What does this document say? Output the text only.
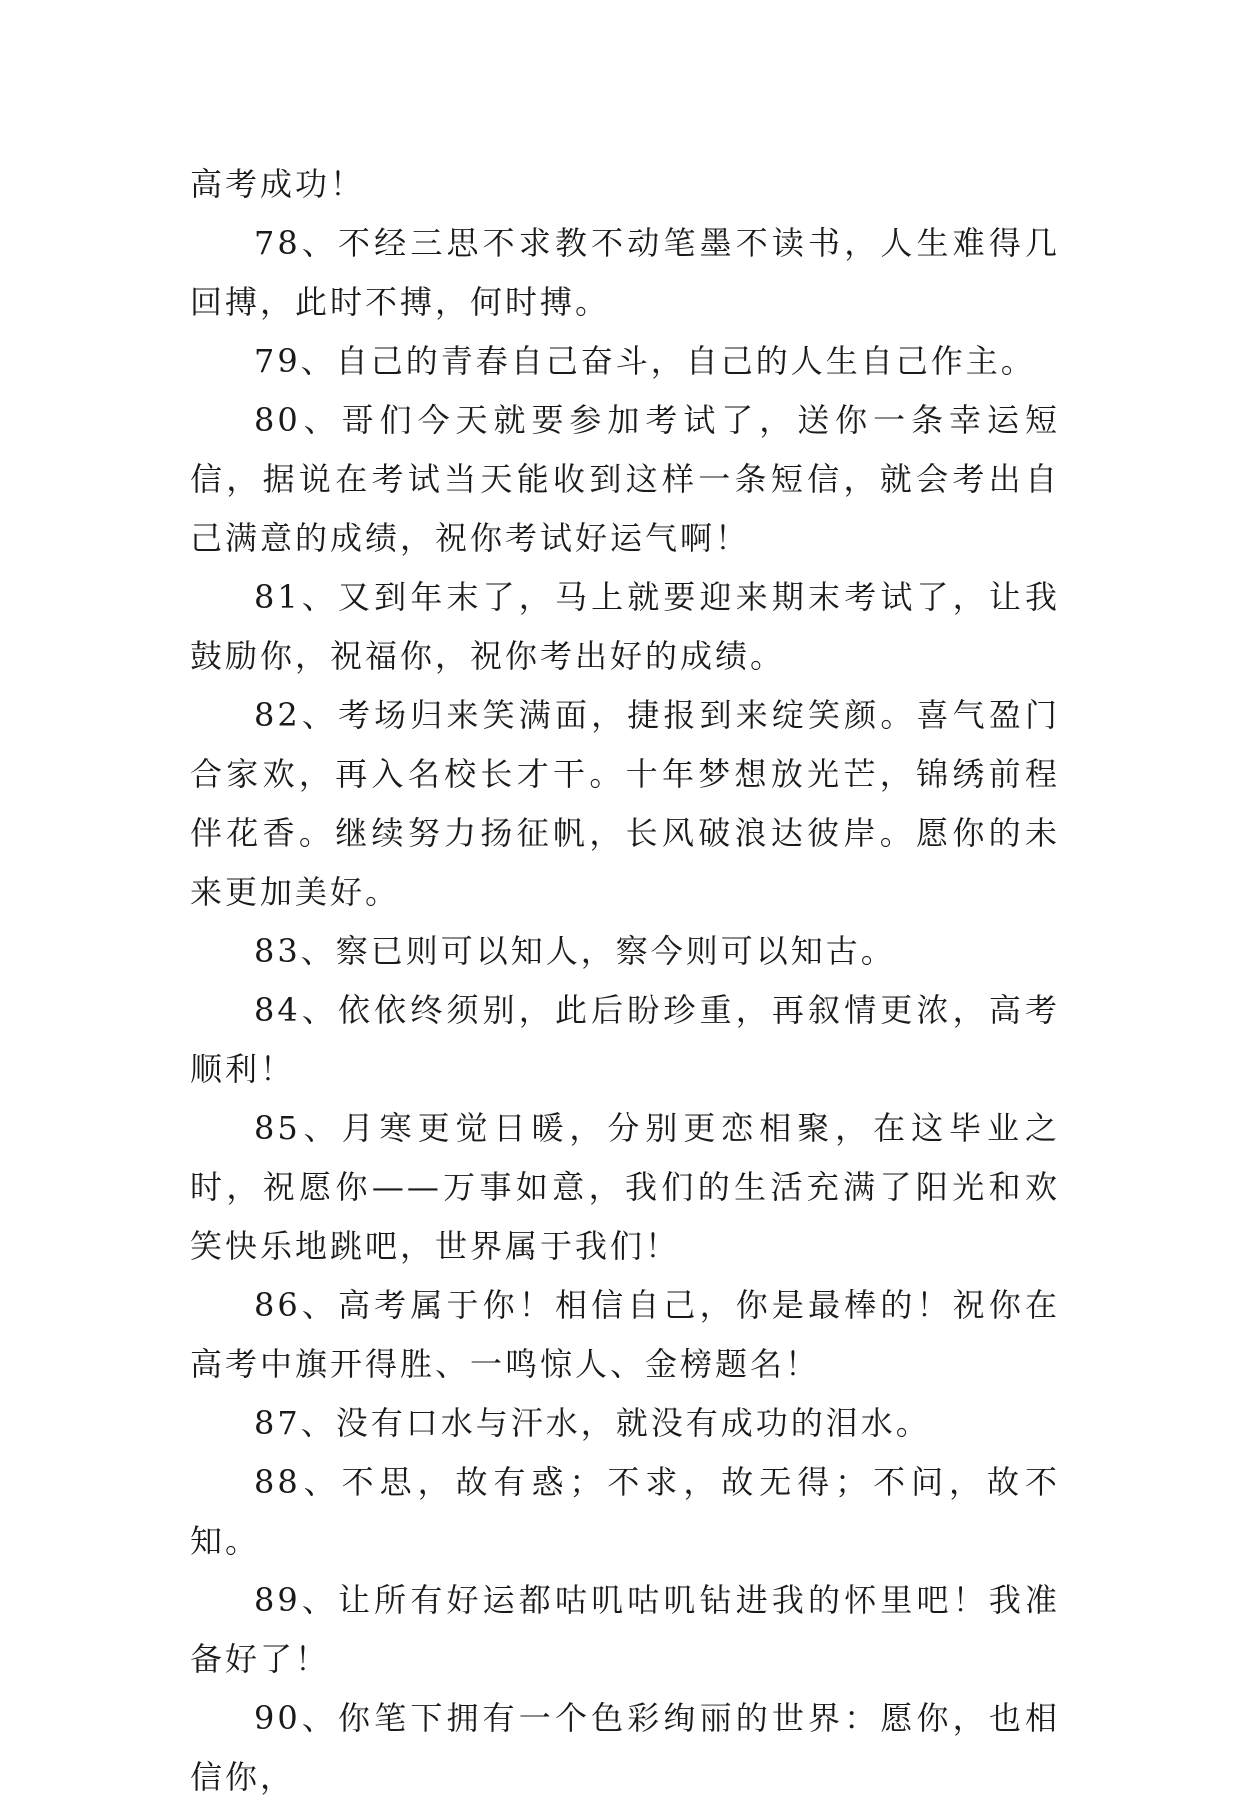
高考成功！

78、不经三思不求教不动笔墨不读书，人生难得几回搏，此时不搏，何时搏。

79、自己的青春自己奋斗，自己的人生自己作主。

80、哥们今天就要参加考试了，送你一条幸运短信，据说在考试当天能收到这样一条短信，就会考出自己满意的成绩，祝你考试好运气啊！

81、又到年末了，马上就要迎来期末考试了，让我鼓励你，祝福你，祝你考出好的成绩。

82、考场归来笑满面，捷报到来绽笑颜。喜气盈门合家欢，再入名校长才干。十年梦想放光芒，锦绣前程伴花香。继续努力扬征帆，长风破浪达彼岸。愿你的未来更加美好。

83、察已则可以知人，察今则可以知古。

84、依依终须别，此后盼珍重，再叙情更浓，高考顺利！

85、月寒更觉日暖，分别更恋相聚，在这毕业之时，祝愿你——万事如意，我们的生活充满了阳光和欢笑快乐地跳吧，世界属于我们！

86、高考属于你！相信自己，你是最棒的！祝你在高考中旗开得胜、一鸣惊人、金榜题名！

87、没有口水与汗水，就没有成功的泪水。

88、不思，故有惑；不求，故无得；不问，故不知。

89、让所有好运都咕叽咕叽钻进我的怀里吧！我准备好了！

90、你笔下拥有一个色彩绚丽的世界：愿你，也相信你，
